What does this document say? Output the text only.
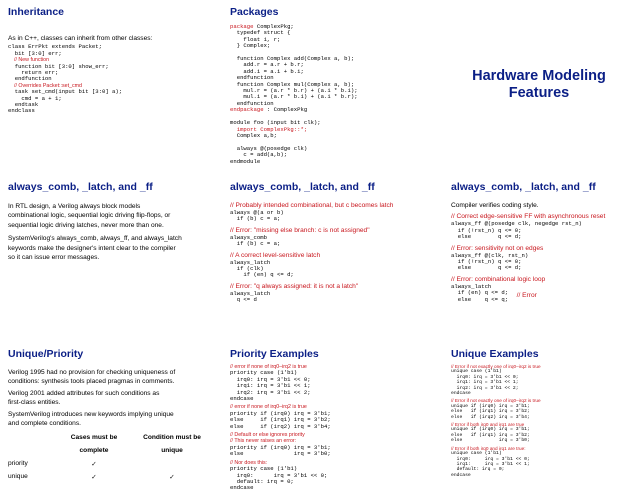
Inheritance

As in C++, classes can inherit from other classes:

class ErrPkt extends Packet;
bit [3:0] err;
// New function
function bit [3:0] show_err;
return err;
endfunction
// Overrides Packet::set_cmd
task set_cmd(input bit [3:0] a);
cmd = a + 1;
endtask
endclass
Packages
package ComplexPkg;
typedef struct {
float i, r;
} Complex;

function Complex add(Complex a, b);
add.r = a.r + b.r;
add.i = a.i + b.i;
endfunction
function Complex mul(Complex a, b);
mul.r = (a.r * b.r) + (a.i * b.i);
mul.i = (a.r * b.i) + (a.i * b.r);
endfunction
endpackage : ComplexPkg

module foo (input bit clk);
import ComplexPkg::*;
Complex a,b;

always @(posedge clk)
c = add(a,b);
endmodule
Hardware Modeling
Features
always_comb, _latch, and _ff

In RTL design, a Verilog always block models

combinational logic, sequential logic driving flip-flops, or

sequential logic driving latches, never more than one.

SystemVerilog's always_comb, always_ff, and always_latch

keywords make the designer's intent clear to the compiler

so it can issue error messages.

always_comb, _latch, and _ff
// Probably intended combinational, but c becomes latch
always @(a or b)
if (b) c = a;
// Error: "missing else branch: c is not assigned"
always_comb
if (b) c = a;
// A correct level-sensitive latch
always_latch
if (clk)
if (en) q <= d;
// Error: "q always assigned: it is not a latch"
always_latch
q <= d
always_comb, _latch, and _ff

Compiler verifies coding style.

// Correct edge-sensitive FF with asynchronous reset
always_ff @(posedge clk, negedge rst_n)
if (!rst_n) q <= 0;
else        q <= d;
// Error: sensitivity not on edges
always_ff @(clk, rst_n)
if (!rst_n) q <= 0;
else        q <= d;
// Error: combinational logic loop
always_latch
if (en) q <= d;
else    q <= q;
// Error
Unique/Priority

Verilog 1995 had no provision for checking uniqueness of

conditions: synthesis tools placed pragmas in comments.

Verilog 2001 added attributes for such conditions as

first-class entities.

SystemVerilog introduces new keywords implying unique

and complete conditions.

	Cases must be	Condition must be
	complete	unique
priority	✓	
unique	✓	✓
Priority Examples
// error if none of irq0–irq2 is true
priority case (1'b1)
irq0: irq = 3'b1 << 0;
irq1: irq = 3'b1 << 1;
irq2: irq = 3'b1 << 2;
endcase
// error if none of irq0–irq2 is true
priority if (irq0) irq = 3'b1;
else     if (irq1) irq = 3'b2;
else     if (irq2) irq = 3'b4;
// Default or else ignores priority
// This never raises an error:
priority if (irq0) irq = 3'b1;
else               irq = 3'b0;
// Nor does this:
priority case (1'b1)
irq0:      irq = 3'b1 << 0;
default: irq = 0;
endcase
Unique Examples
// Error if not exactly one of irq0–irq2 is true
unique case (1'b1)
irq0: irq = 3'b1 << 0;
irq1: irq = 3'b1 << 1;
irq2: irq = 3'b1 << 2;
endcase
// Error if not exactly one of irq0–irq2 is true
unique if (irq0) irq = 3'b1;
else   if (irq1) irq = 3'b2;
else   if (irq2) irq = 3'b4;
// Error if both irq0 and irq1 are true
unique if (irq0) irq = 3'b1;
else   if (irq1) irq = 3'b2;
else             irq = 3'b0;
// Error if both irq0 and irq1 are true:
unique case (1'b1)
irq0:     irq = 3'b1 << 0;
irq1:     irq = 3'b1 << 1;
default: irq = 0;
endcase
